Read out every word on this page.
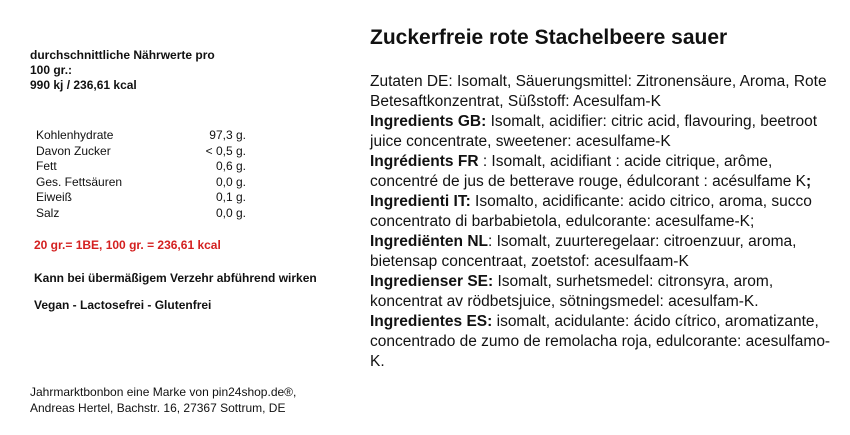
durchschnittliche Nährwerte pro

100 gr.:

990 kj / 236,61 kcal

Kohlenhydrate	97,3 g.
Davon Zucker	< 0,5 g.
Fett	0,6 g.
Ges. Fettsäuren	0,0 g.
Eiweiß	0,1 g.
Salz	0,0 g.
20 gr.= 1BE, 100 gr. = 236,61 kcal
Kann bei übermäßigem Verzehr abführend wirken
Vegan - Lactosefrei - Glutenfrei
Jahrmarktbonbon eine Marke von pin24shop.de®,
Andreas Hertel, Bachstr. 16, 27367 Sottrum, DE
Zuckerfreie rote Stachelbeere sauer

Zutaten DE: Isomalt, Säuerungsmittel: Zitronensäure, Aroma, Rote Betesaftkonzentrat, Süßstoff: Acesulfam-K
Ingredients GB: Isomalt, acidifier: citric acid, flavouring, beetroot juice concentrate, sweetener: acesulfame-K
Ingrédients FR : Isomalt, acidifiant : acide citrique, arôme, concentré de jus de betterave rouge, édulcorant : acésulfame K; Ingredienti IT: Isomalto, acidificante: acido citrico, aroma, succo concentrato di barbabietola, edulcorante: acesulfame-K; Ingrediënten NL: Isomalt, zuurteregelaar: citroenzuur, aroma, bietensap concentraat, zoetstof: acesulfaam-K
Ingredienser SE: Isomalt, surhetsmedel: citronsyra, arom, koncentrat av rödbetsjuice, sötningsmedel: acesulfam-K.
Ingredientes ES: isomalt, acidulante: ácido cítrico, aromatizante, concentrado de zumo de remolacha roja, edulcorante: acesulfamo-K.
